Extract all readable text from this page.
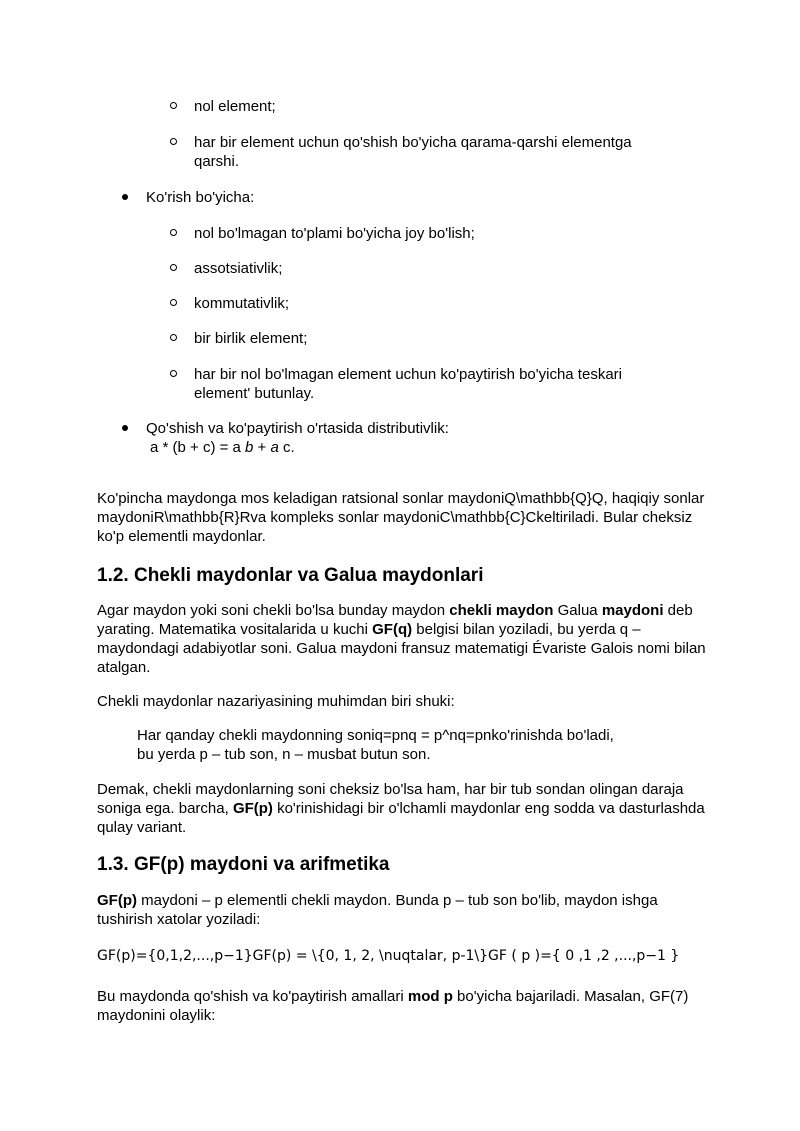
nol element;
har bir element uchun qo'shish bo'yicha qarama-qarshi elementga qarshi.
Ko'rish bo'yicha:
nol bo'lmagan to'plami bo'yicha joy bo'lish;
assotsiativlik;
kommutativlik;
bir birlik element;
har bir nol bo'lmagan element uchun ko'paytirish bo'yicha teskari element' butunlay.
Qo'shish va ko'paytirish o'rtasida distributivlik:
a * (b + c) = a b + a c.

Ko'pincha maydonga mos keladigan ratsional sonlar maydoniQ\mathbb{Q}Q, haqiqiy sonlar maydoniR\mathbb{R}Rva kompleks sonlar maydoniC\mathbb{C}Ckeltiriladi. Bular cheksiz ko'p elementli maydonlar.

1.2. Chekli maydonlar va Galua maydonlari

Agar maydon yoki soni chekli bo'lsa bunday maydon chekli maydon Galua maydoni deb yarating. Matematika vositalarida u kuchi GF(q) belgisi bilan yoziladi, bu yerda q – maydondagi adabiyotlar soni. Galua maydoni fransuz matematigi Évariste Galois nomi bilan atalgan.

Chekli maydonlar nazariyasining muhimdan biri shuki:

Har qanday chekli maydonning soniq=pnq = p^nq=pnko'rinishda bo'ladi,
bu yerda p – tub son, n – musbat butun son.

Demak, chekli maydonlarning soni cheksiz bo'lsa ham, har bir tub sondan olingan daraja soniga ega. barcha, GF(p) ko'rinishidagi bir o'lchamli maydonlar eng sodda va dasturlashda qulay variant.

1.3. GF(p) maydoni va arifmetika

GF(p) maydoni – p elementli chekli maydon. Bunda p – tub son bo'lib, maydon ishga tushirish xatolar yoziladi:

GF(p)={0,1,2,...,p−1}GF(p) = \{0, 1, 2, \nuqtalar, p-1\}GF ( p )={ 0 ,1 ,2 ,...,p−1 }

Bu maydonda qo'shish va ko'paytirish amallari mod p bo'yicha bajariladi. Masalan, GF(7) maydonini olaylik:
